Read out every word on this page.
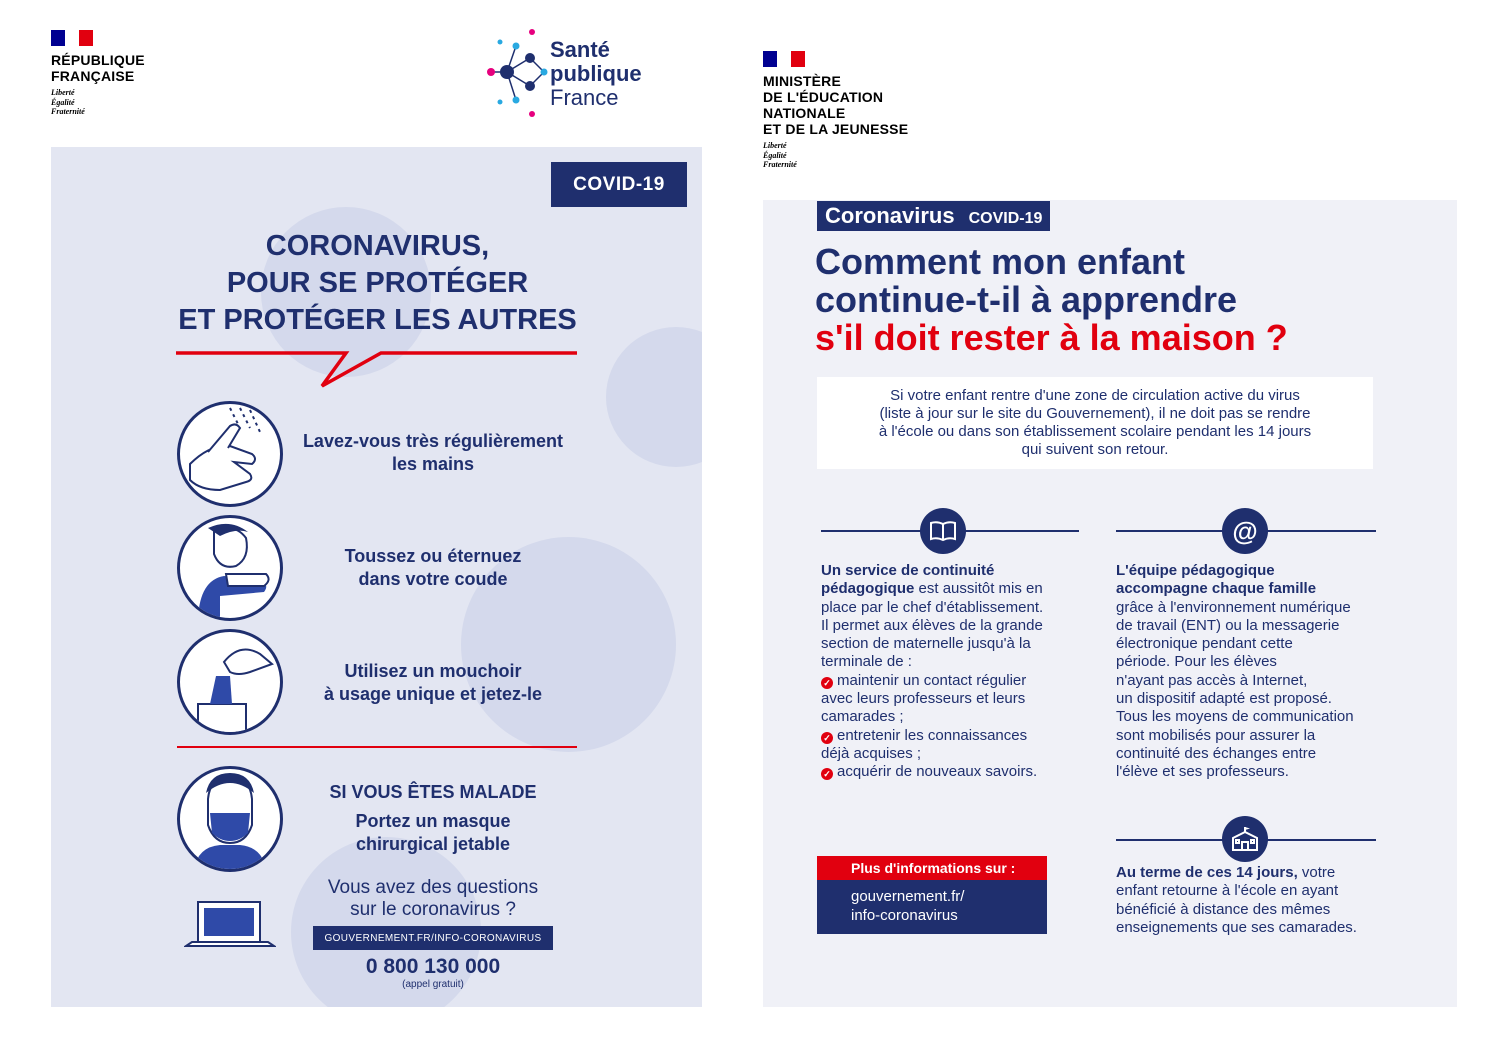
RÉPUBLIQUE
FRANÇAISE
Liberté
Égalité
Fraternité
Santé
publique
France
COVID-19
CORONAVIRUS,
POUR SE PROTÉGER
ET PROTÉGER LES AUTRES
Lavez-vous très régulièrement
les mains
Toussez ou éternuez
dans votre coude
Utilisez un mouchoir
à usage unique et jetez-le
SI VOUS ÊTES MALADE
Portez un masque
chirurgical jetable
Vous avez des questions
sur le coronavirus ?
GOUVERNEMENT.FR/INFO-CORONAVIRUS
0 800 130 000
(appel gratuit)
MINISTÈRE
DE L'ÉDUCATION
NATIONALE
ET DE LA JEUNESSE
Liberté
Égalité
Fraternité
Coronavirus COVID-19
Comment mon enfant
continue-t-il à apprendre
s'il doit rester à la maison ?
Si votre enfant rentre d'une zone de circulation active du virus
(liste à jour sur le site du Gouvernement), il ne doit pas se rendre
à l'école ou dans son établissement scolaire pendant les 14 jours
qui suivent son retour.
Un service de continuité
pédagogique est aussitôt mis en
place par le chef d'établissement.
Il permet aux élèves de la grande
section de maternelle jusqu'à la
terminale de :
✓ maintenir un contact régulier
avec leurs professeurs et leurs
camarades ;
✓ entretenir les connaissances
déjà acquises ;
✓ acquérir de nouveaux savoirs.
@
L'équipe pédagogique
accompagne chaque famille
grâce à l'environnement numérique
de travail (ENT) ou la messagerie
électronique pendant cette
période. Pour les élèves
n'ayant pas accès à Internet,
un dispositif adapté est proposé.
Tous les moyens de communication
sont mobilisés pour assurer la
continuité des échanges entre
l'élève et ses professeurs.
Au terme de ces 14 jours, votre
enfant retourne à l'école en ayant
bénéficié à distance des mêmes
enseignements que ses camarades.
Plus d'informations sur :
gouvernement.fr/
info-coronavirus
